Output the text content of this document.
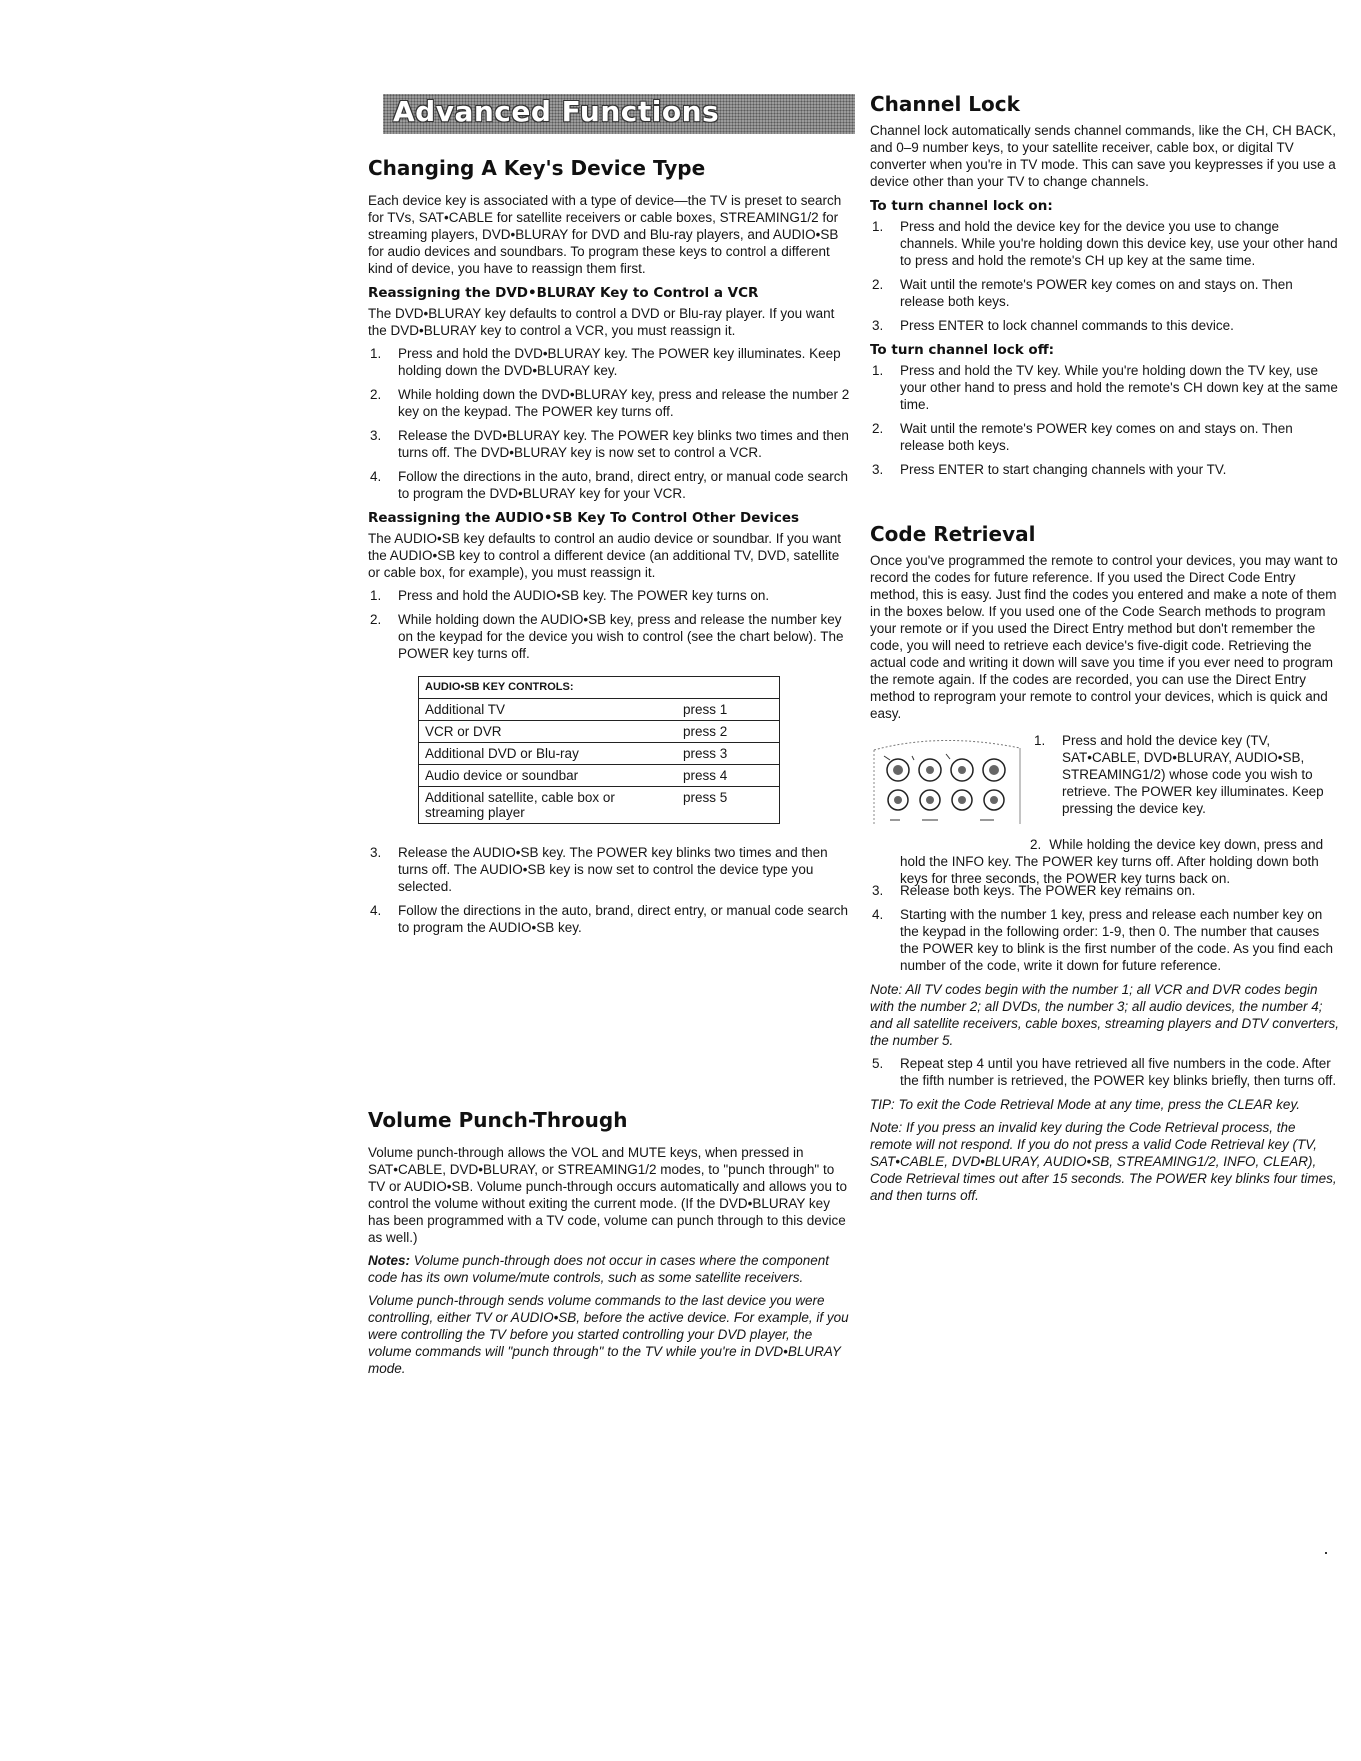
Advanced Functions
Changing A Key's Device Type

Each device key is associated with a type of device—the TV is preset to search for TVs, SAT•CABLE for satellite receivers or cable boxes, STREAMING1/2 for streaming players, DVD•BLURAY for DVD and Blu-ray players, and AUDIO•SB for audio devices and soundbars. To program these keys to control a different kind of device, you have to reassign them first.

Reassigning the DVD•BLURAY Key to Control a VCR

The DVD•BLURAY key defaults to control a DVD or Blu-ray player. If you want the DVD•BLURAY key to control a VCR, you must reassign it.

1. Press and hold the DVD•BLURAY key. The POWER key illuminates. Keep holding down the DVD•BLURAY key.
2. While holding down the DVD•BLURAY key, press and release the number 2 key on the keypad. The POWER key turns off.
3. Release the DVD•BLURAY key. The POWER key blinks two times and then turns off. The DVD•BLURAY key is now set to control a VCR.
4. Follow the directions in the auto, brand, direct entry, or manual code search to program the DVD•BLURAY key for your VCR.
Reassigning the AUDIO•SB Key To Control Other Devices

The AUDIO•SB key defaults to control an audio device or soundbar. If you want the AUDIO•SB key to control a different device (an additional TV, DVD, satellite or cable box, for example), you must reassign it.

1. Press and hold the AUDIO•SB key. The POWER key turns on.
2. While holding down the AUDIO•SB key, press and release the number key on the keypad for the device you wish to control (see the chart below). The POWER key turns off.
AUDIO•SB KEY CONTROLS:	
Additional TV	press 1
VCR or DVR	press 2
Additional DVD or Blu-ray	press 3
Audio device or soundbar	press 4
Additional satellite, cable box or streaming player	press 5
3. Release the AUDIO•SB key. The POWER key blinks two times and then turns off. The AUDIO•SB key is now set to control the device type you selected.
4. Follow the directions in the auto, brand, direct entry, or manual code search to program the AUDIO•SB key.
Volume Punch-Through

Volume punch-through allows the VOL and MUTE keys, when pressed in SAT•CABLE, DVD•BLURAY, or STREAMING1/2 modes, to "punch through" to TV or AUDIO•SB. Volume punch-through occurs automatically and allows you to control the volume without exiting the current mode. (If the DVD•BLURAY key has been programmed with a TV code, volume can punch through to this device as well.)

Notes: Volume punch-through does not occur in cases where the component code has its own volume/mute controls, such as some satellite receivers.

Volume punch-through sends volume commands to the last device you were controlling, either TV or AUDIO•SB, before the active device. For example, if you were controlling the TV before you started controlling your DVD player, the volume commands will "punch through" to the TV while you're in DVD•BLURAY mode.

Channel Lock

Channel lock automatically sends channel commands, like the CH, CH BACK, and 0–9 number keys, to your satellite receiver, cable box, or digital TV converter when you're in TV mode. This can save you keypresses if you use a device other than your TV to change channels.

To turn channel lock on:
1. Press and hold the device key for the device you use to change channels. While you're holding down this device key, use your other hand to press and hold the remote's CH up key at the same time.
2. Wait until the remote's POWER key comes on and stays on. Then release both keys.
3. Press ENTER to lock channel commands to this device.
To turn channel lock off:
1. Press and hold the TV key. While you're holding down the TV key, use your other hand to press and hold the remote's CH down key at the same time.
2. Wait until the remote's POWER key comes on and stays on. Then release both keys.
3. Press ENTER to start changing channels with your TV.
Code Retrieval

Once you've programmed the remote to control your devices, you may want to record the codes for future reference. If you used the Direct Code Entry method, this is easy. Just find the codes you entered and make a note of them in the boxes below. If you used one of the Code Search methods to program your remote or if you used the Direct Entry method but don't remember the code, you will need to retrieve each device's five-digit code. Retrieving the actual code and writing it down will save you time if you ever need to program the remote again. If the codes are recorded, you can use the Direct Entry method to reprogram your remote to control your devices, which is quick and easy.

1.	Press and hold the device key (TV, SAT•CABLE, DVD•BLURAY, AUDIO•SB, STREAMING1/2) whose code you wish to retrieve. The POWER key illuminates. Keep pressing the device key.
2. While holding the device key down, press and hold the INFO key. The POWER key turns off. After holding down both keys for three seconds, the POWER key turns back on.
3. Release both keys. The POWER key remains on.
4. Starting with the number 1 key, press and release each number key on the keypad in the following order: 1-9, then 0. The number that causes the POWER key to blink is the first number of the code. As you find each number of the code, write it down for future reference.

Note: All TV codes begin with the number 1; all VCR and DVR codes begin with the number 2; all DVDs, the number 3; all audio devices, the number 4; and all satellite receivers, cable boxes, streaming players and DTV converters, the number 5.

5. Repeat step 4 until you have retrieved all five numbers in the code. After the fifth number is retrieved, the POWER key blinks briefly, then turns off.

TIP: To exit the Code Retrieval Mode at any time, press the CLEAR key.

Note: If you press an invalid key during the Code Retrieval process, the remote will not respond. If you do not press a valid Code Retrieval key (TV, SAT•CABLE, DVD•BLURAY, AUDIO•SB, STREAMING1/2, INFO, CLEAR), Code Retrieval times out after 15 seconds. The POWER key blinks four times, and then turns off.
